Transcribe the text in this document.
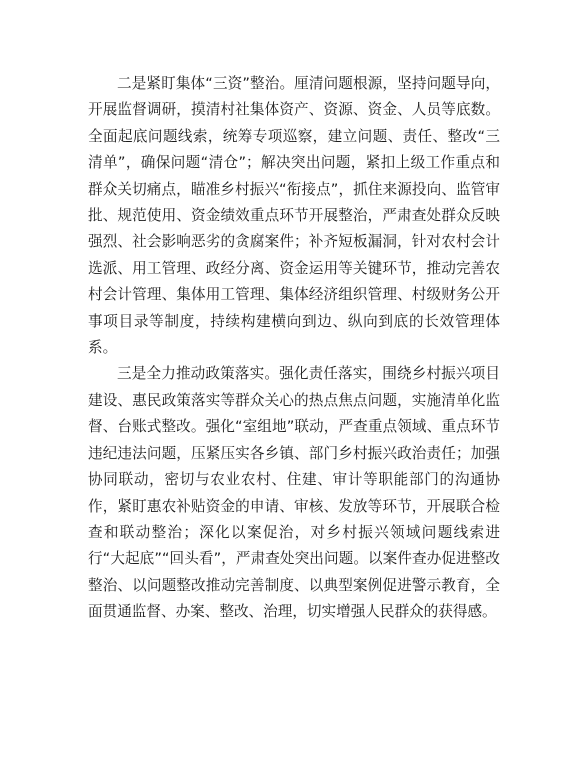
二是紧盯集体“三资”整治。厘清问题根源，坚持问题导向，开展监督调研，摸清村社集体资产、资源、资金、人员等底数。全面起底问题线索，统筹专项巡察，建立问题、责任、整改“三清单”，确保问题“清仓”；解决突出问题，紧扣上级工作重点和群众关切痛点，瞄准乡村振兴“衔接点”，抓住来源投向、监管审批、规范使用、资金绩效重点环节开展整治，严肃查处群众反映强烈、社会影响恶劣的贪腐案件；补齐短板漏洞，针对农村会计选派、用工管理、政经分离、资金运用等关键环节，推动完善农村会计管理、集体用工管理、集体经济组织管理、村级财务公开事项目录等制度，持续构建横向到边、纵向到底的长效管理体系。

三是全力推动政策落实。强化责任落实，围绕乡村振兴项目建设、惠民政策落实等群众关心的热点焦点问题，实施清单化监督、台账式整改。强化“室组地”联动，严查重点领域、重点环节违纪违法问题，压紧压实各乡镇、部门乡村振兴政治责任；加强协同联动，密切与农业农村、住建、审计等职能部门的沟通协作，紧盯惠农补贴资金的申请、审核、发放等环节，开展联合检查和联动整治；深化以案促治，对乡村振兴领域问题线索进行“大起底”“回头看”，严肃查处突出问题。以案件查办促进整改整治、以问题整改推动完善制度、以典型案例促进警示教育，全面贯通监督、办案、整改、治理，切实增强人民群众的获得感。
